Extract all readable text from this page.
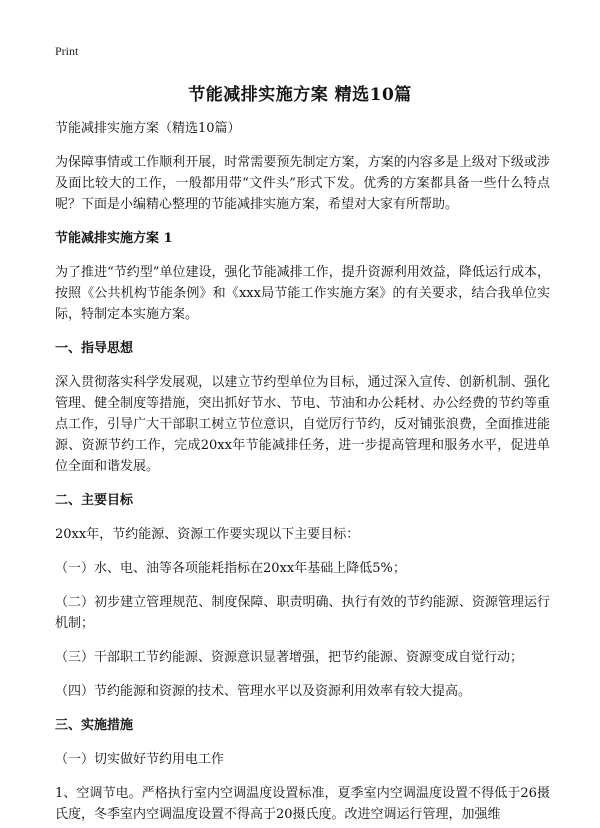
Print
节能减排实施方案 精选10篇

节能减排实施方案（精选10篇）

为保障事情或工作顺利开展，时常需要预先制定方案，方案的内容多是上级对下级或涉及面比较大的工作，一般都用带“文件头”形式下发。优秀的方案都具备一些什么特点呢？下面是小编精心整理的节能减排实施方案，希望对大家有所帮助。

节能减排实施方案 1

为了推进“节约型”单位建设，强化节能减排工作，提升资源利用效益，降低运行成本，按照《公共机构节能条例》和《xxx局节能工作实施方案》的有关要求，结合我单位实际，特制定本实施方案。

一、指导思想

深入贯彻落实科学发展观，以建立节约型单位为目标，通过深入宣传、创新机制、强化管理、健全制度等措施，突出抓好节水、节电、节油和办公耗材、办公经费的节约等重点工作，引导广大干部职工树立节位意识，自觉厉行节约，反对铺张浪费，全面推进能源、资源节约工作，完成20xx年节能减排任务，进一步提高管理和服务水平，促进单位全面和谐发展。

二、主要目标

20xx年，节约能源、资源工作要实现以下主要目标：

（一）水、电、油等各项能耗指标在20xx年基础上降低5%；

（二）初步建立管理规范、制度保障、职责明确、执行有效的节约能源、资源管理运行机制；

（三）干部职工节约能源、资源意识显著增强，把节约能源、资源变成自觉行动；

（四）节约能源和资源的技术、管理水平以及资源利用效率有较大提高。

三、实施措施

（一）切实做好节约用电工作

1、空调节电。严格执行室内空调温度设置标准，夏季室内空调温度设置不得低于26摄氏度，冬季室内空调温度设置不得高于20摄氏度。改进空调运行管理，加强维
